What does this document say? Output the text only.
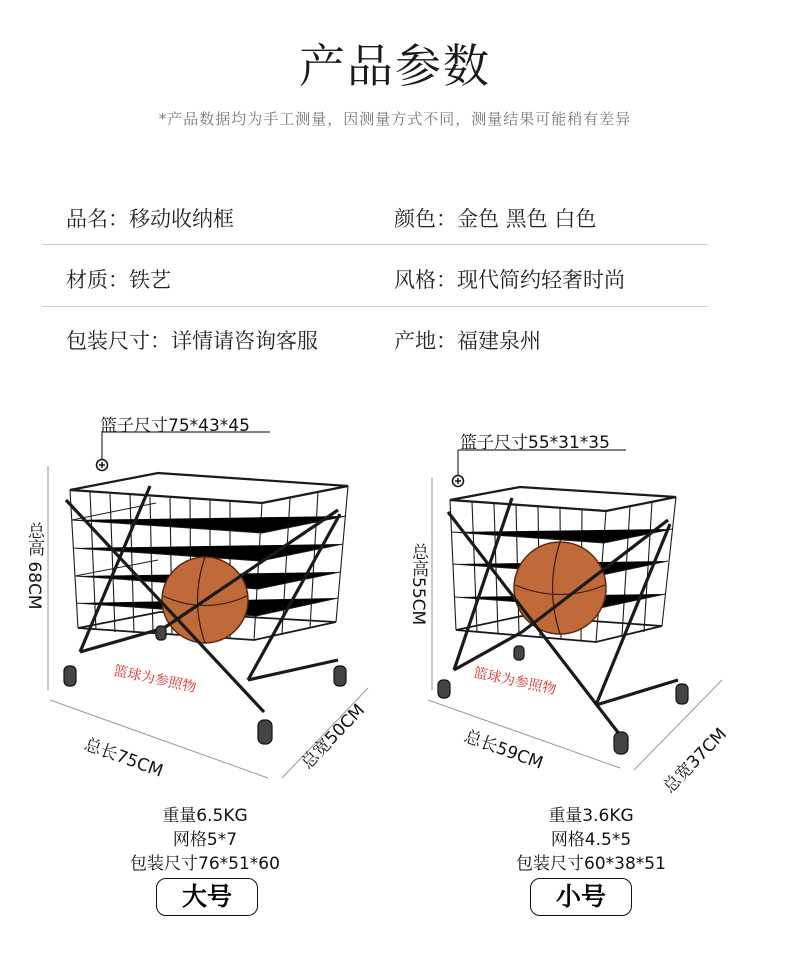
产品参数
*产品数据均为手工测量，因测量方式不同，测量结果可能稍有差异
品名：移动收纳框	颜色：金色 黑色 白色
材质：铁艺	风格：现代简约轻奢时尚
包装尺寸：详情请咨询客服	产地：福建泉州
篮子尺寸75*43*45
总高 68CM
总长75CM	总宽50CM
篮球为参照物
篮子尺寸55*31*35
总高55CM
总长59CM	总宽37CM
篮球为参照物
重量6.5KG
网格5*7
包装尺寸76*51*60
大号
重量3.6KG
网格4.5*5
包装尺寸60*38*51
小号
